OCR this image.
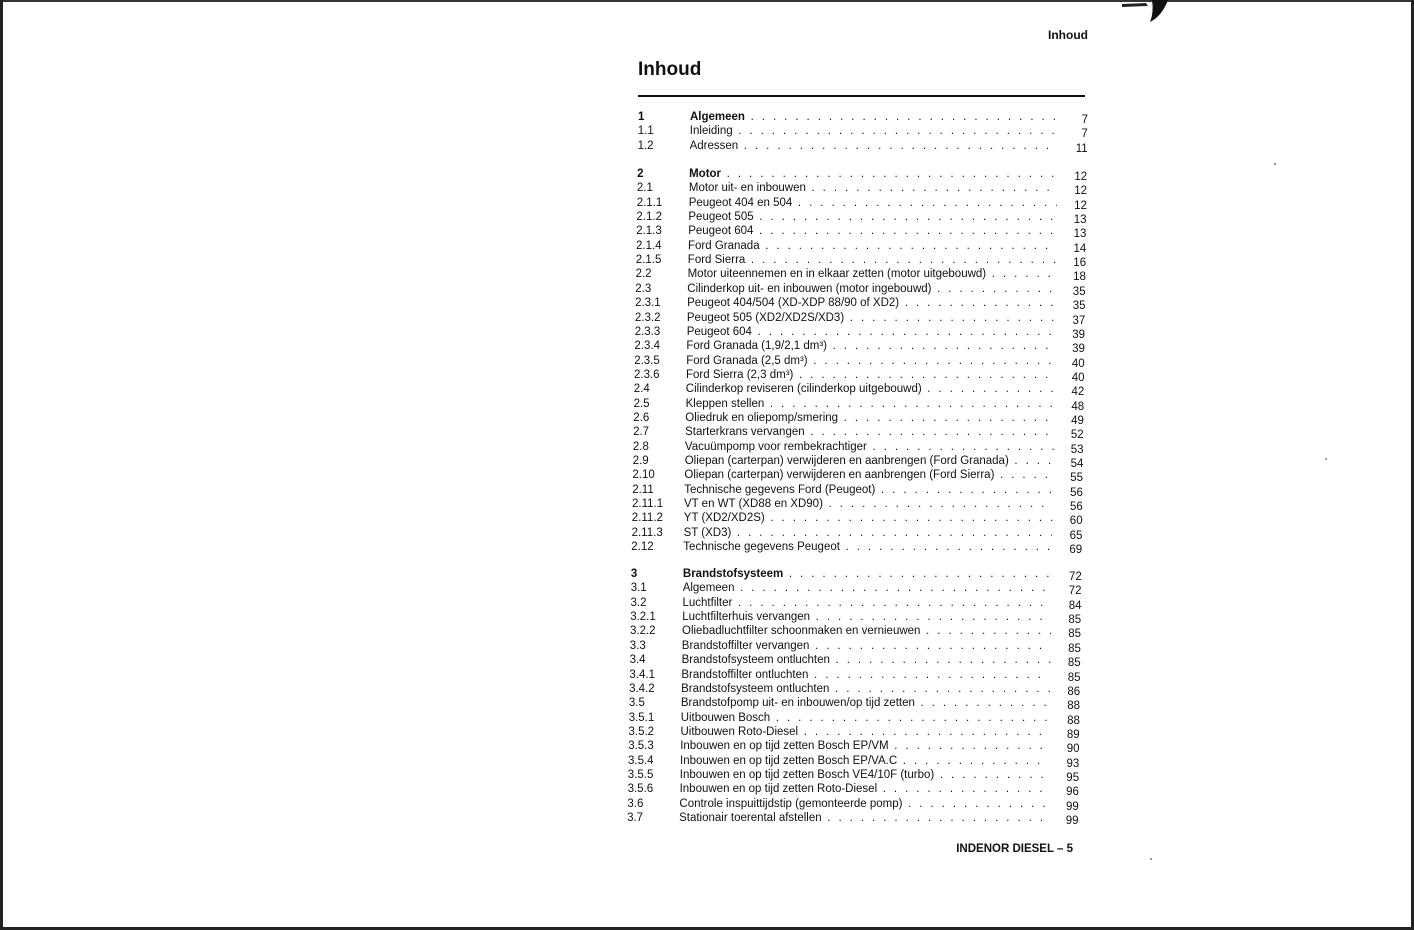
Inhoud
Inhoud
1	Algemeen . . .	7
1.1	Inleiding . . .	7
1.2	Adressen . . .	11
2	Motor . . .	12
2.1	Motor uit- en inbouwen . . .	12
2.1.1	Peugeot 404 en 504 . . .	12
2.1.2	Peugeot 505 . . .	13
2.1.3	Peugeot 604 . . .	13
2.1.4	Ford Granada . . .	14
2.1.5	Ford Sierra . . .	16
2.2	Motor uiteennemen en in elkaar zetten (motor uitgebouwd) . . .	18
2.3	Cilinderkop uit- en inbouwen (motor ingebouwd) . . .	35
2.3.1	Peugeot 404/504 (XD-XDP 88/90 of XD2) . . .	35
2.3.2	Peugeot 505 (XD2/XD2S/XD3) . . .	37
2.3.3	Peugeot 604 . . .	39
2.3.4	Ford Granada (1,9/2,1 dm³) . . .	39
2.3.5	Ford Granada (2,5 dm³) . . .	40
2.3.6	Ford Sierra (2,3 dm³) . . .	40
2.4	Cilinderkop reviseren (cilinderkop uitgebouwd) . . .	42
2.5	Kleppen stellen . . .	48
2.6	Oliedruk en oliepomp/smering . . .	49
2.7	Starterkrans vervangen . . .	52
2.8	Vacuümpomp voor rembekrachtiger . . .	53
2.9	Oliepan (carterpan) verwijderen en aanbrengen (Ford Granada) . . .	54
2.10	Oliepan (carterpan) verwijderen en aanbrengen (Ford Sierra) . . .	55
2.11	Technische gegevens Ford (Peugeot) . . .	56
2.11.1	VT en WT (XD88 en XD90) . . .	56
2.11.2	YT (XD2/XD2S) . . .	60
2.11.3	ST (XD3) . . .	65
2.12	Technische gegevens Peugeot . . .	69
3	Brandstofsysteem . . .	72
3.1	Algemeen . . .	72
3.2	Luchtfilter . . .	84
3.2.1	Luchtfilterhuis vervangen . . .	85
3.2.2	Oliebadluchtfilter schoonmaken en vernieuwen . . .	85
3.3	Brandstoffilter vervangen . . .	85
3.4	Brandstofsysteem ontluchten . . .	85
3.4.1	Brandstoffilter ontluchten . . .	85
3.4.2	Brandstofsysteem ontluchten . . .	86
3.5	Brandstofpomp uit- en inbouwen/op tijd zetten . . .	88
3.5.1	Uitbouwen Bosch . . .	88
3.5.2	Uitbouwen Roto-Diesel . . .	89
3.5.3	Inbouwen en op tijd zetten Bosch EP/VM . . .	90
3.5.4	Inbouwen en op tijd zetten Bosch EP/VA.C . . .	93
3.5.5	Inbouwen en op tijd zetten Bosch VE4/10F (turbo) . . .	95
3.5.6	Inbouwen en op tijd zetten Roto-Diesel . . .	96
3.6	Controle inspuittijdstip (gemonteerde pomp) . . .	99
3.7	Stationair toerental afstellen . . .	99
INDENOR DIESEL – 5
